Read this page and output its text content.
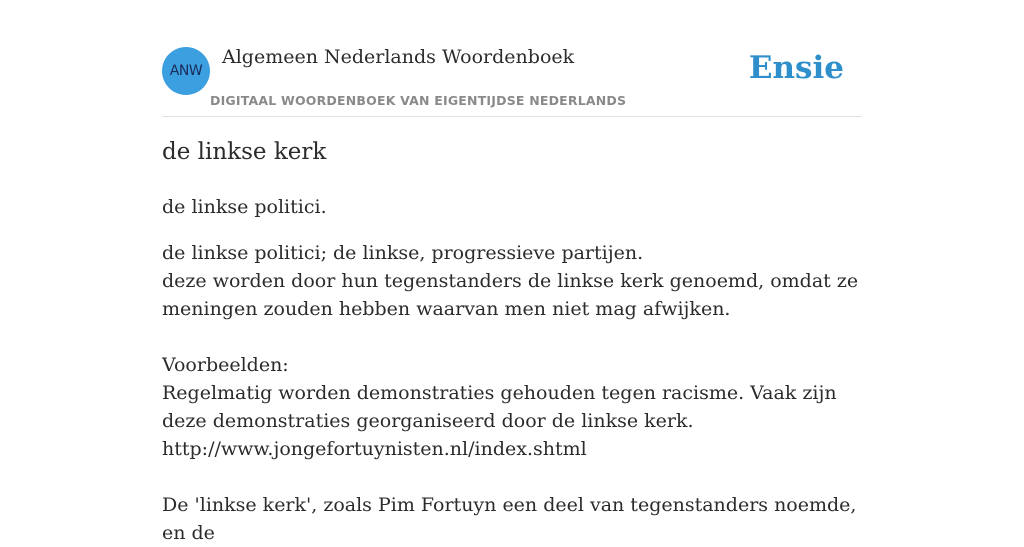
ANW
Algemeen Nederlands Woordenboek
DIGITAAL WOORDENBOEK VAN EIGENTIJDSE NEDERLANDS
Ensie
de linkse kerk
de linkse politici.

de linkse politici; de linkse, progressieve partijen.

deze worden door hun tegenstanders de linkse kerk genoemd, omdat ze meningen zouden hebben waarvan men niet mag afwijken.

Voorbeelden:

Regelmatig worden demonstraties gehouden tegen racisme. Vaak zijn deze demonstraties georganiseerd door de linkse kerk.

http://www.jongefortuynisten.nl/index.shtml

De 'linkse kerk', zoals Pim Fortuyn een deel van tegenstanders noemde, en de
